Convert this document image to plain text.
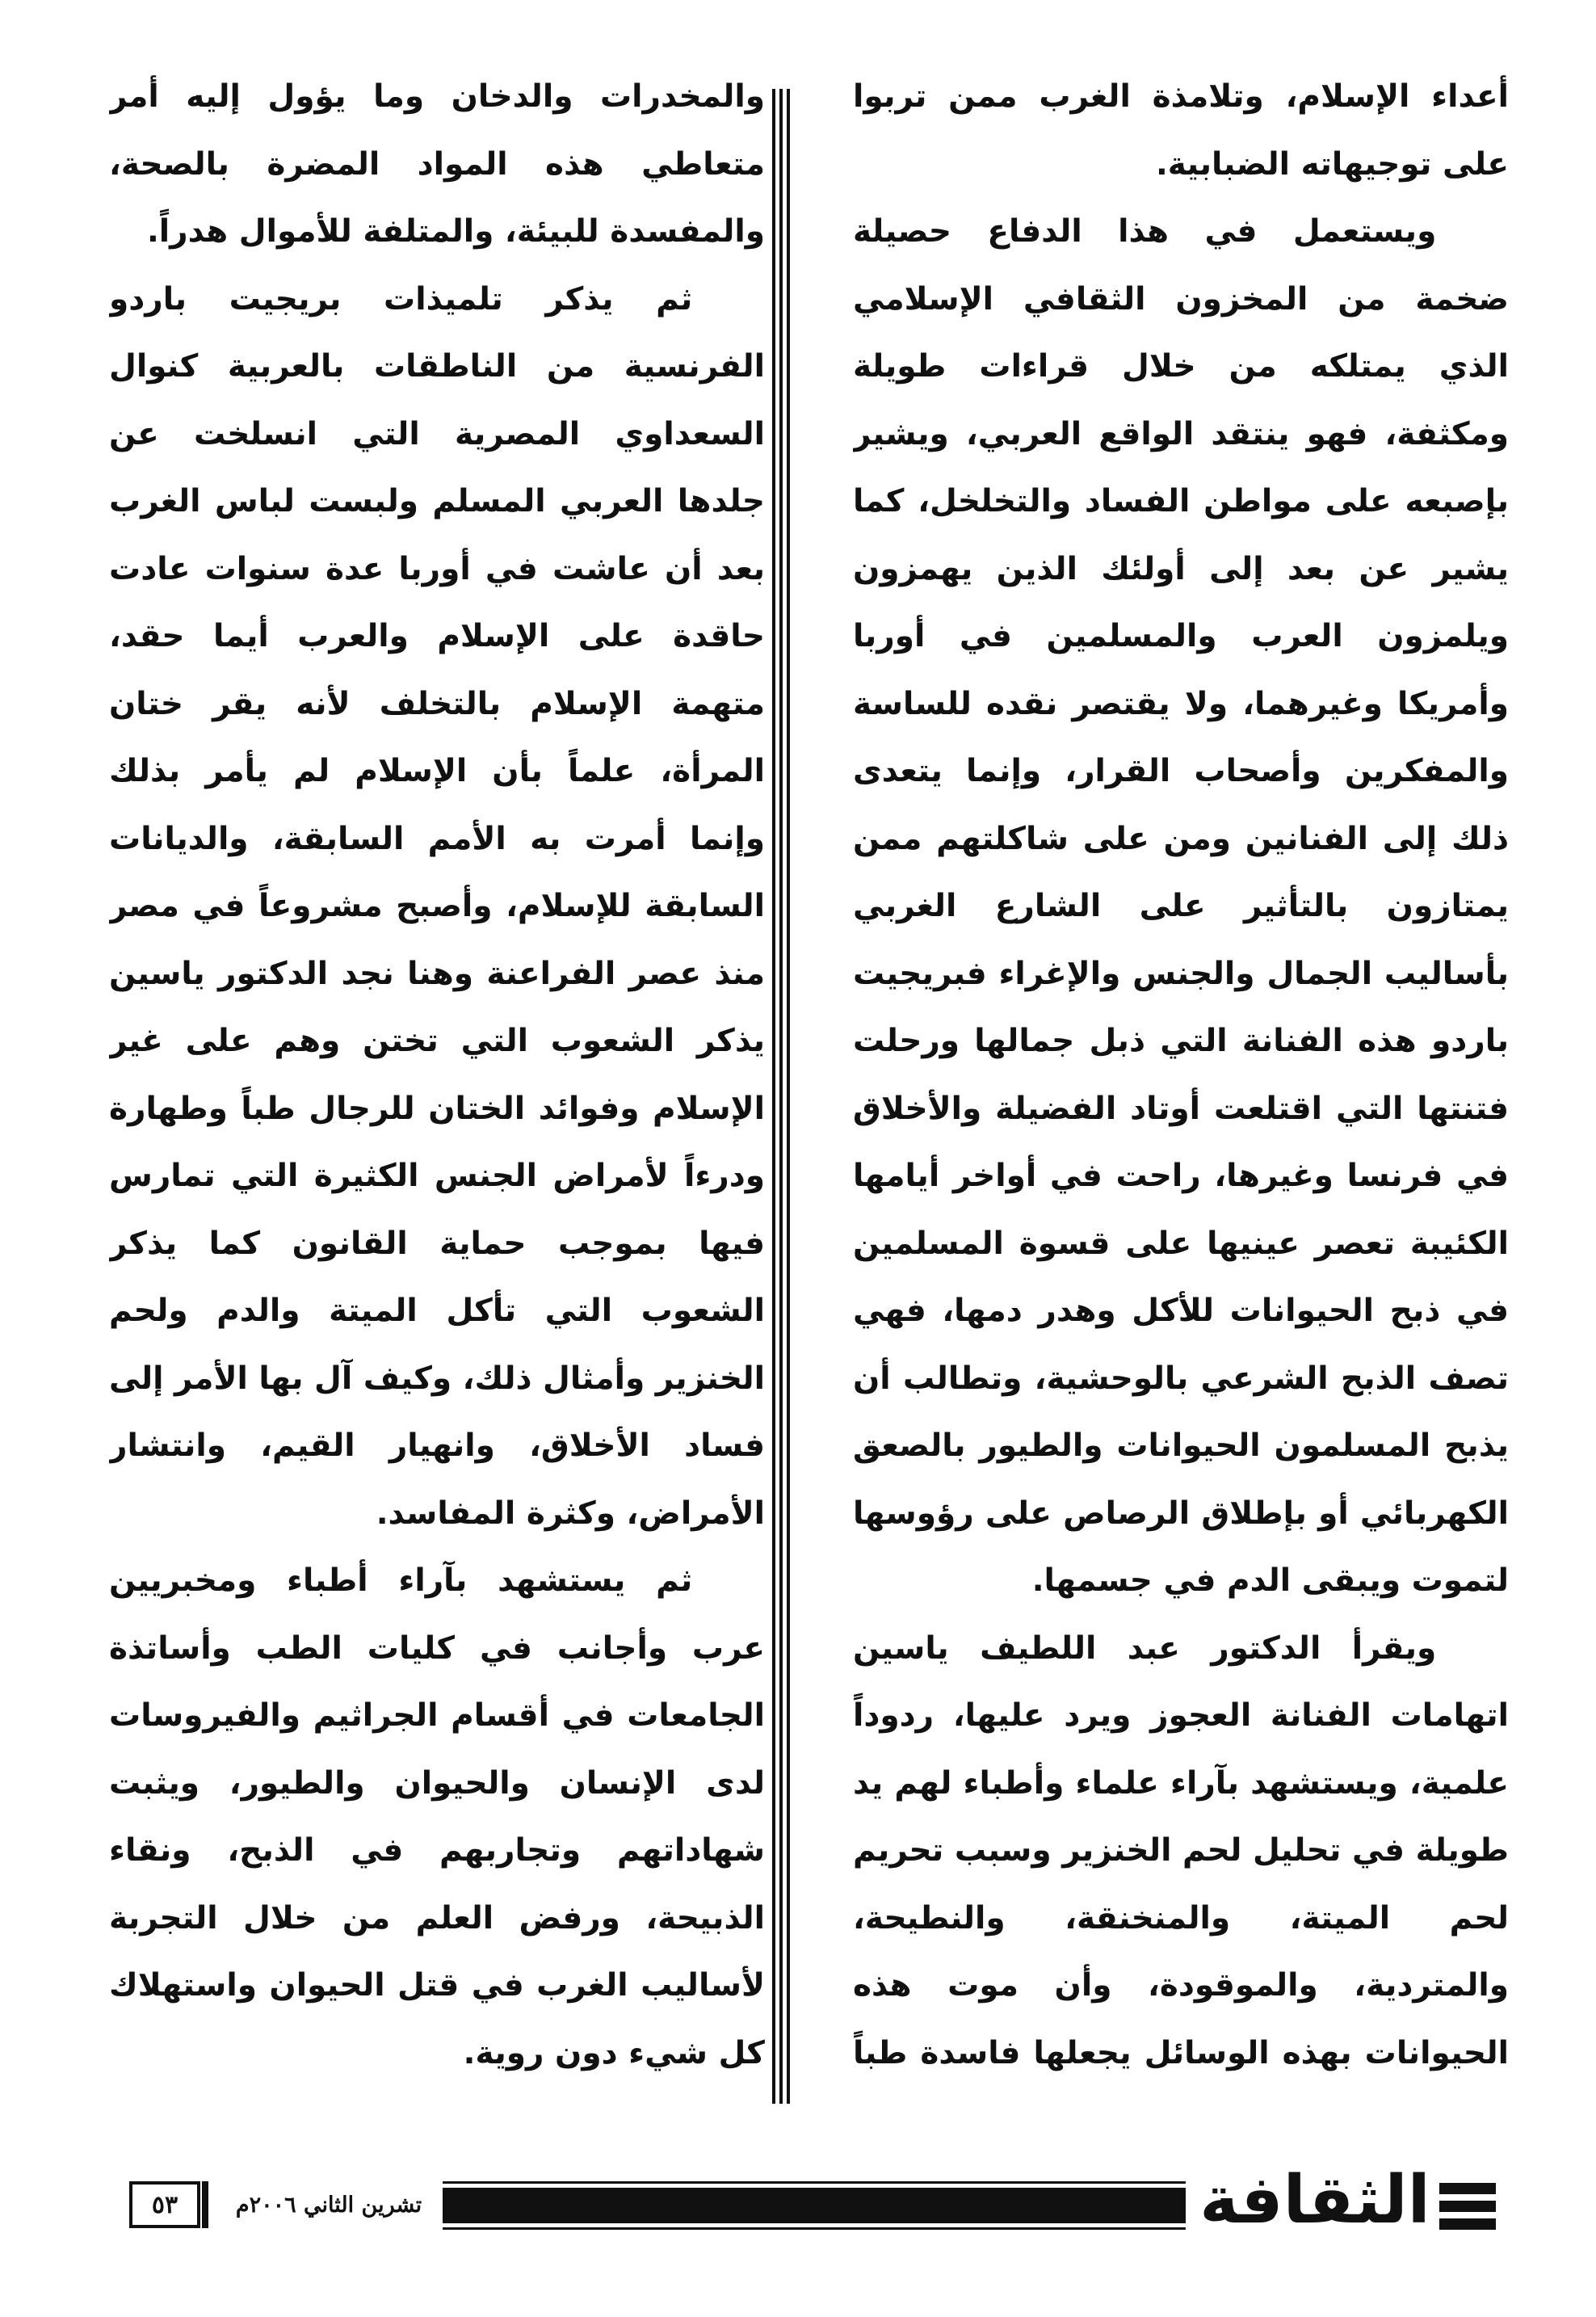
أعداء الإسلام، وتلامذة الغرب ممن تربوا على توجيهاته الضبابية.

ويستعمل في هذا الدفاع حصيلة ضخمة من المخزون الثقافي الإسلامي الذي يمتلكه من خلال قراءات طويلة ومكثفة، فهو ينتقد الواقع العربي، ويشير بإصبعه على مواطن الفساد والتخلخل، كما يشير عن بعد إلى أولئك الذين يهمزون ويلمزون العرب والمسلمين في أوربا وأمريكا وغيرهما، ولا يقتصر نقده للساسة والمفكرين وأصحاب القرار، وإنما يتعدى ذلك إلى الفنانين ومن على شاكلتهم ممن يمتازون بالتأثير على الشارع الغربي بأساليب الجمال والجنس والإغراء فبريجيت باردو هذه الفنانة التي ذبل جمالها ورحلت فتنتها التي اقتلعت أوتاد الفضيلة والأخلاق في فرنسا وغيرها، راحت في أواخر أيامها الكئيبة تعصر عينيها على قسوة المسلمين في ذبح الحيوانات للأكل وهدر دمها، فهي تصف الذبح الشرعي بالوحشية، وتطالب أن يذبح المسلمون الحيوانات والطيور بالصعق الكهربائي أو بإطلاق الرصاص على رؤوسها لتموت ويبقى الدم في جسمها.

ويقرأ الدكتور عبد اللطيف ياسين اتهامات الفنانة العجوز ويرد عليها، ردوداً علمية، ويستشهد بآراء علماء وأطباء لهم يد طويلة في تحليل لحم الخنزير وسبب تحريم لحم الميتة، والمنخنقة، والنطيحة، والمتردية، والموقودة، وأن موت هذه الحيوانات بهذه الوسائل يجعلها فاسدة طباً

والمخدرات والدخان وما يؤول إليه أمر متعاطي هذه المواد المضرة بالصحة، والمفسدة للبيئة، والمتلفة للأموال هدراً.

ثم يذكر تلميذات بريجيت باردو الفرنسية من الناطقات بالعربية كنوال السعداوي المصرية التي انسلخت عن جلدها العربي المسلم ولبست لباس الغرب بعد أن عاشت في أوربا عدة سنوات عادت حاقدة على الإسلام والعرب أيما حقد، متهمة الإسلام بالتخلف لأنه يقر ختان المرأة، علماً بأن الإسلام لم يأمر بذلك وإنما أمرت به الأمم السابقة، والديانات السابقة للإسلام، وأصبح مشروعاً في مصر منذ عصر الفراعنة وهنا نجد الدكتور ياسين يذكر الشعوب التي تختن وهم على غير الإسلام وفوائد الختان للرجال طباً وطهارة ودرءاً لأمراض الجنس الكثيرة التي تمارس فيها بموجب حماية القانون كما يذكر الشعوب التي تأكل الميتة والدم ولحم الخنزير وأمثال ذلك، وكيف آل بها الأمر إلى فساد الأخلاق، وانهيار القيم، وانتشار الأمراض، وكثرة المفاسد.

ثم يستشهد بآراء أطباء ومخبريين عرب وأجانب في كليات الطب وأساتذة الجامعات في أقسام الجراثيم والفيروسات لدى الإنسان والحيوان والطيور، ويثبت شهاداتهم وتجاربهم في الذبح، ونقاء الذبيحة، ورفض العلم من خلال التجربة لأساليب الغرب في قتل الحيوان واستهلاك كل شيء دون روية.

الثقافة
تشرين الثاني ٢٠٠٦م
٥٣
